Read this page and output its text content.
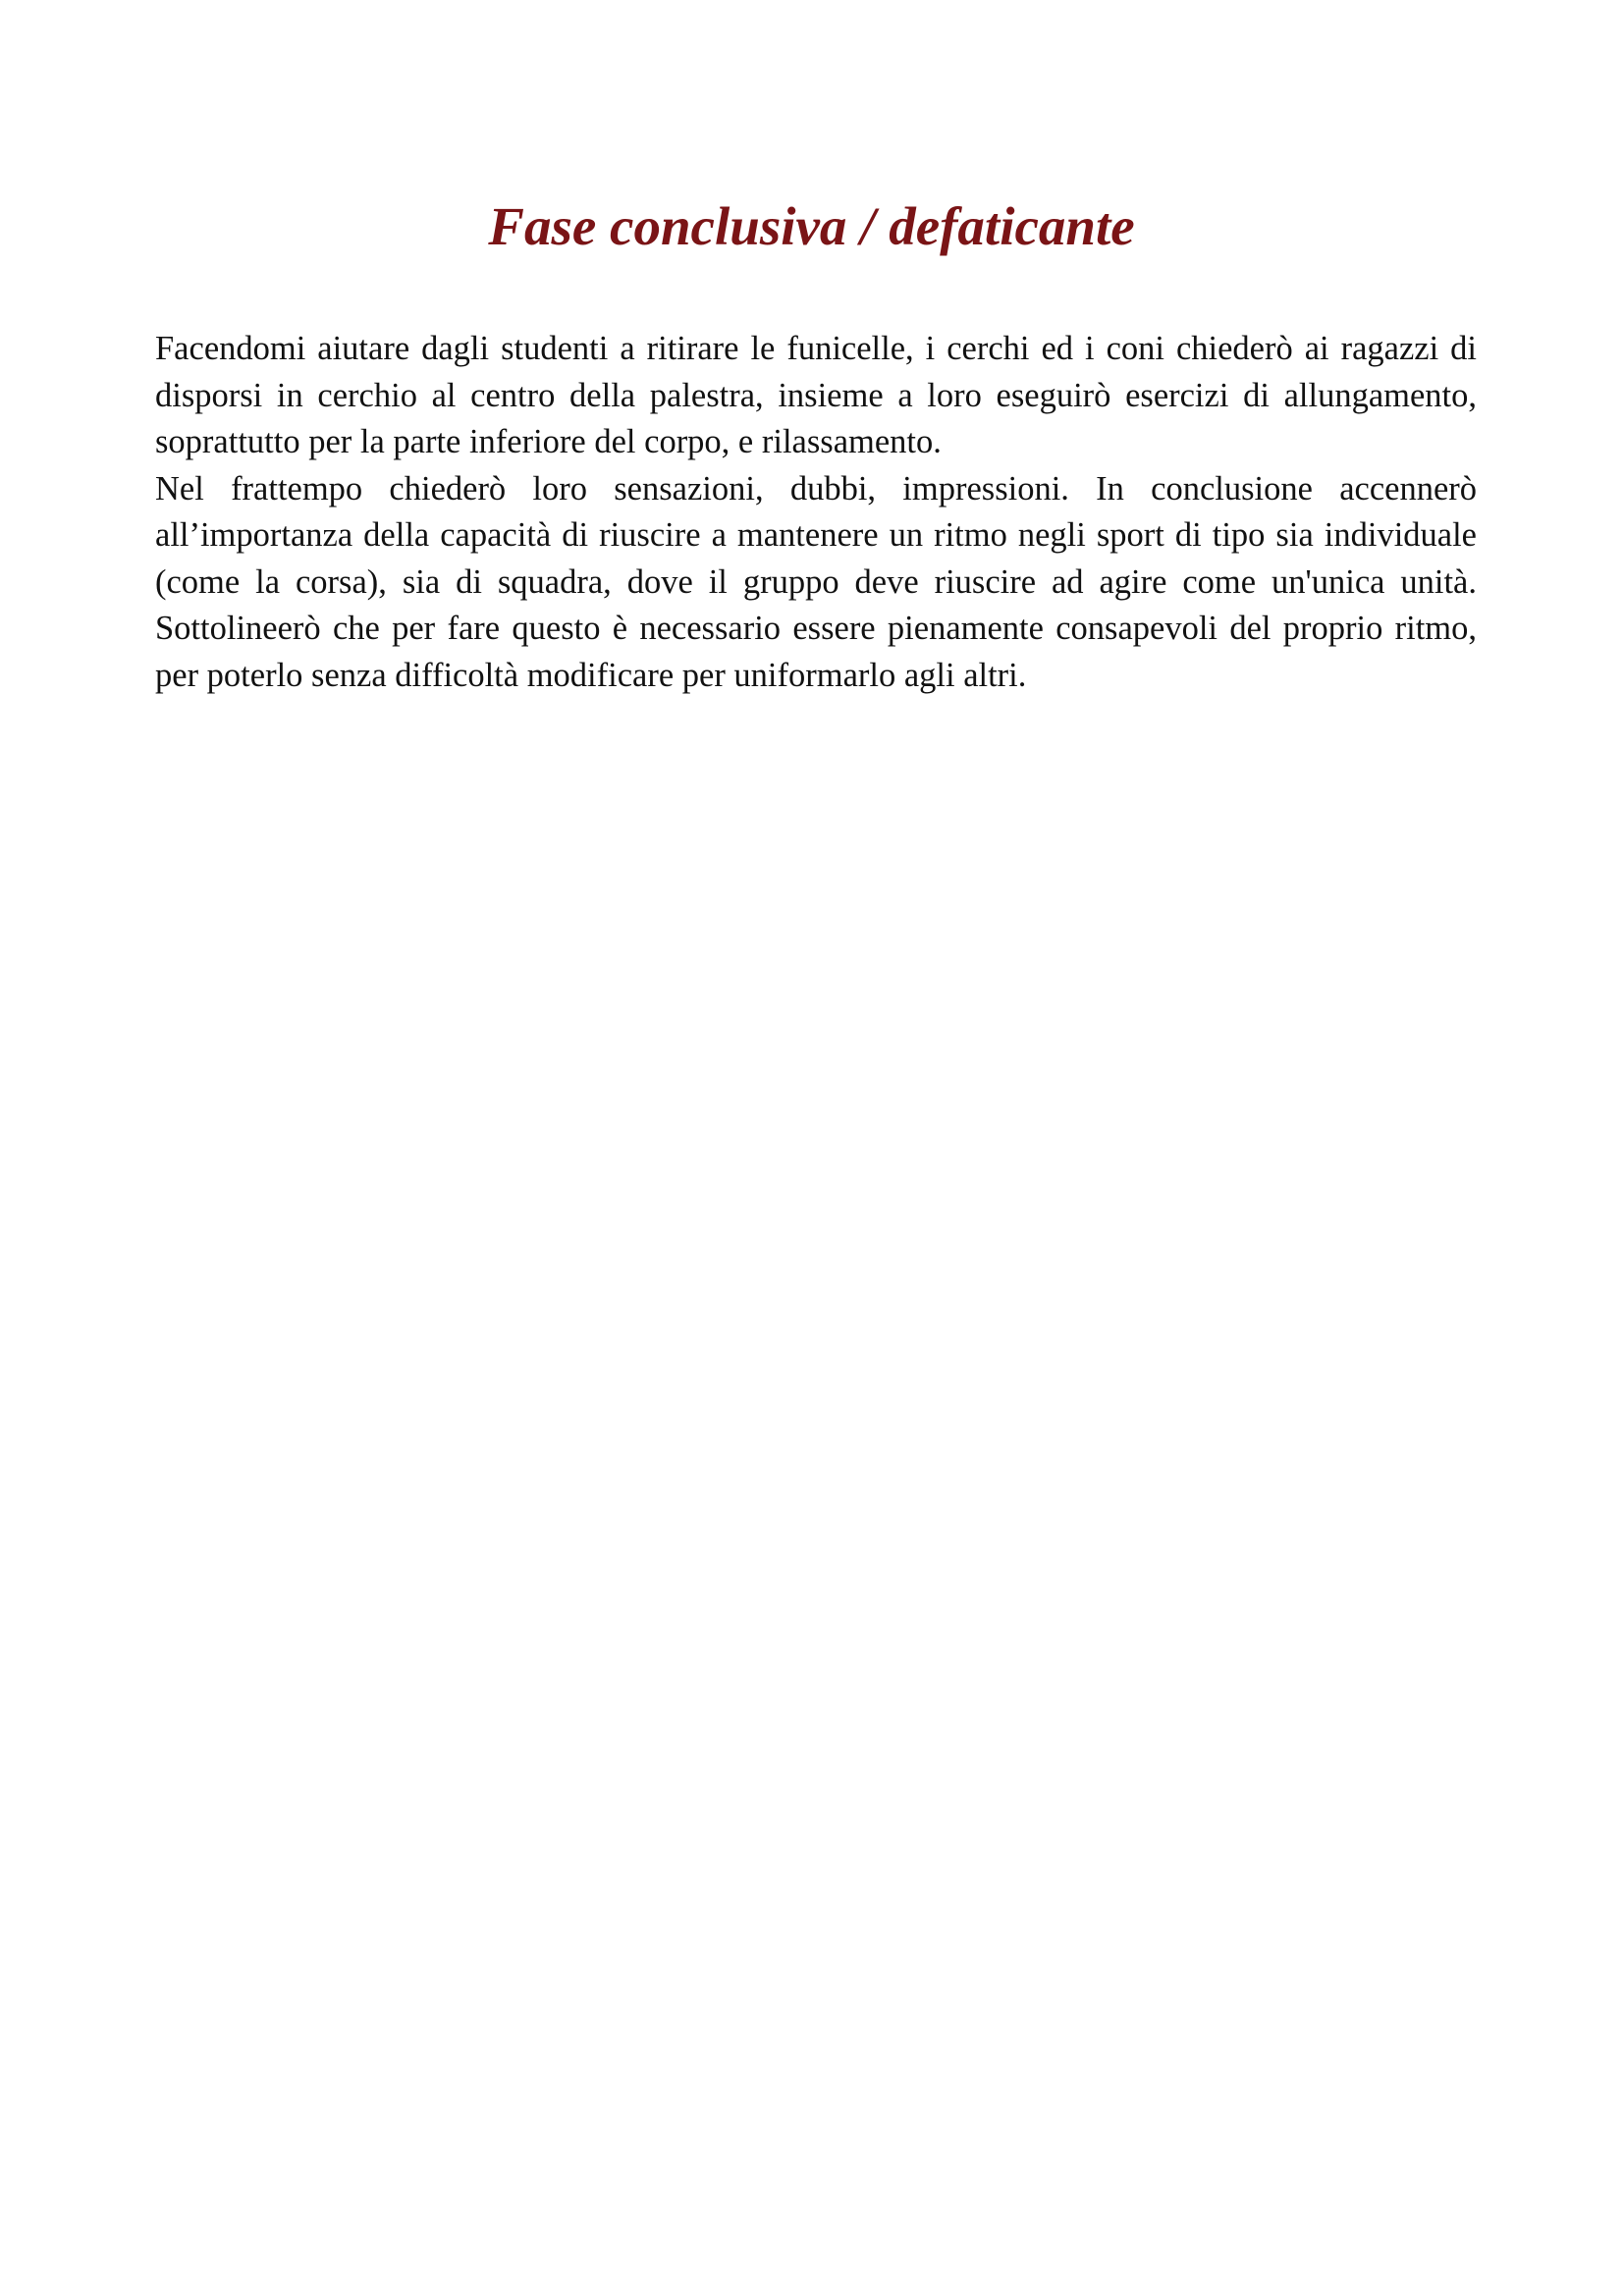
Fase conclusiva / defaticante

Facendomi aiutare dagli studenti a ritirare le funicelle, i cerchi ed i coni chiederò ai ragazzi di disporsi in cerchio al centro della palestra, insieme a loro eseguirò esercizi di allungamento, soprattutto per la parte inferiore del corpo, e rilassamento.

Nel frattempo chiederò loro sensazioni, dubbi, impressioni. In conclusione accennerò all’importanza della capacità di riuscire a mantenere un ritmo negli sport di tipo sia individuale (come la corsa), sia di squadra, dove il gruppo deve riuscire ad agire come un'unica unità. Sottolineerò che per fare questo è necessario essere pienamente consapevoli del proprio ritmo, per poterlo senza difficoltà modificare per uniformarlo agli altri.
